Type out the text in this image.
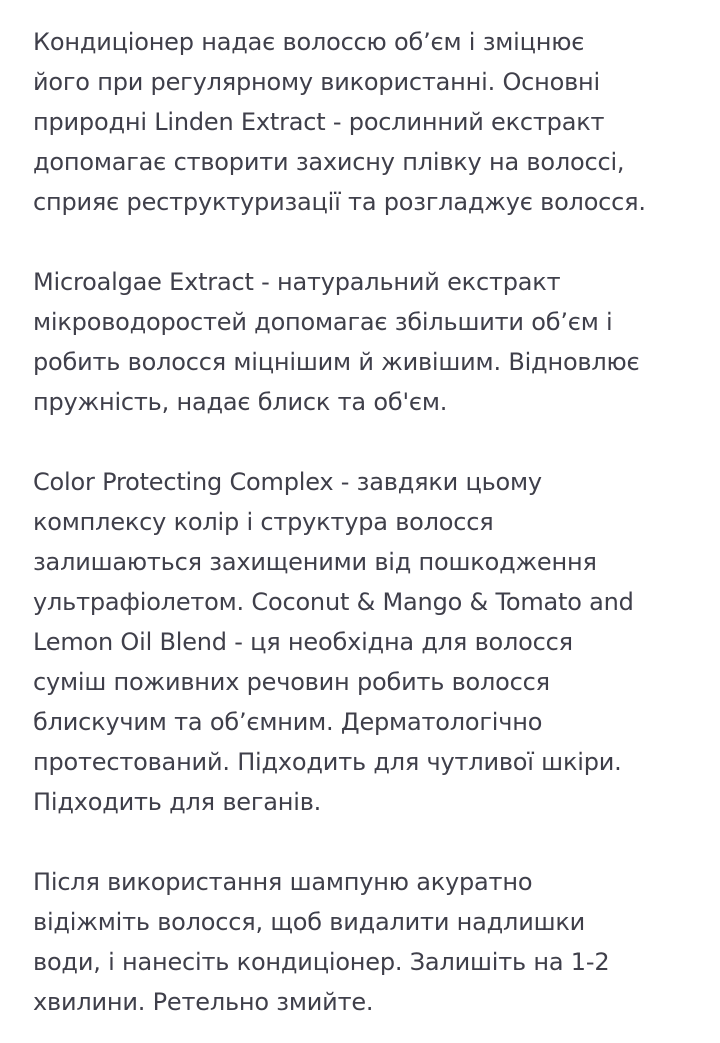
Кондиціонер надає волоссю об’єм і зміцнює
його при регулярному використанні. Основні
природні Linden Extract - рослинний екстракт
допомагає створити захисну плівку на волоссі,
сприяє реструктуризації та розгладжує волосся.

Microalgae Extract - натуральний екстракт
мікроводоростей допомагає збільшити об’єм і
робить волосся міцнішим й живішим. Відновлює
пружність, надає блиск та об'єм.

Color Protecting Complex - завдяки цьому
комплексу колір і структура волосся
залишаються захищеними від пошкодження
ультрафіолетом. Coconut & Mango & Tomato and
Lemon Oil Blend - ця необхідна для волосся
суміш поживних речовин робить волосся
блискучим та об’ємним. Дерматологічно
протестований. Підходить для чутливої шкіри.
Підходить для веганів.

Після використання шампуню акуратно
відіжміть волосся, щоб видалити надлишки
води, і нанесіть кондиціонер. Залишіть на 1-2
хвилини. Ретельно змийте.
